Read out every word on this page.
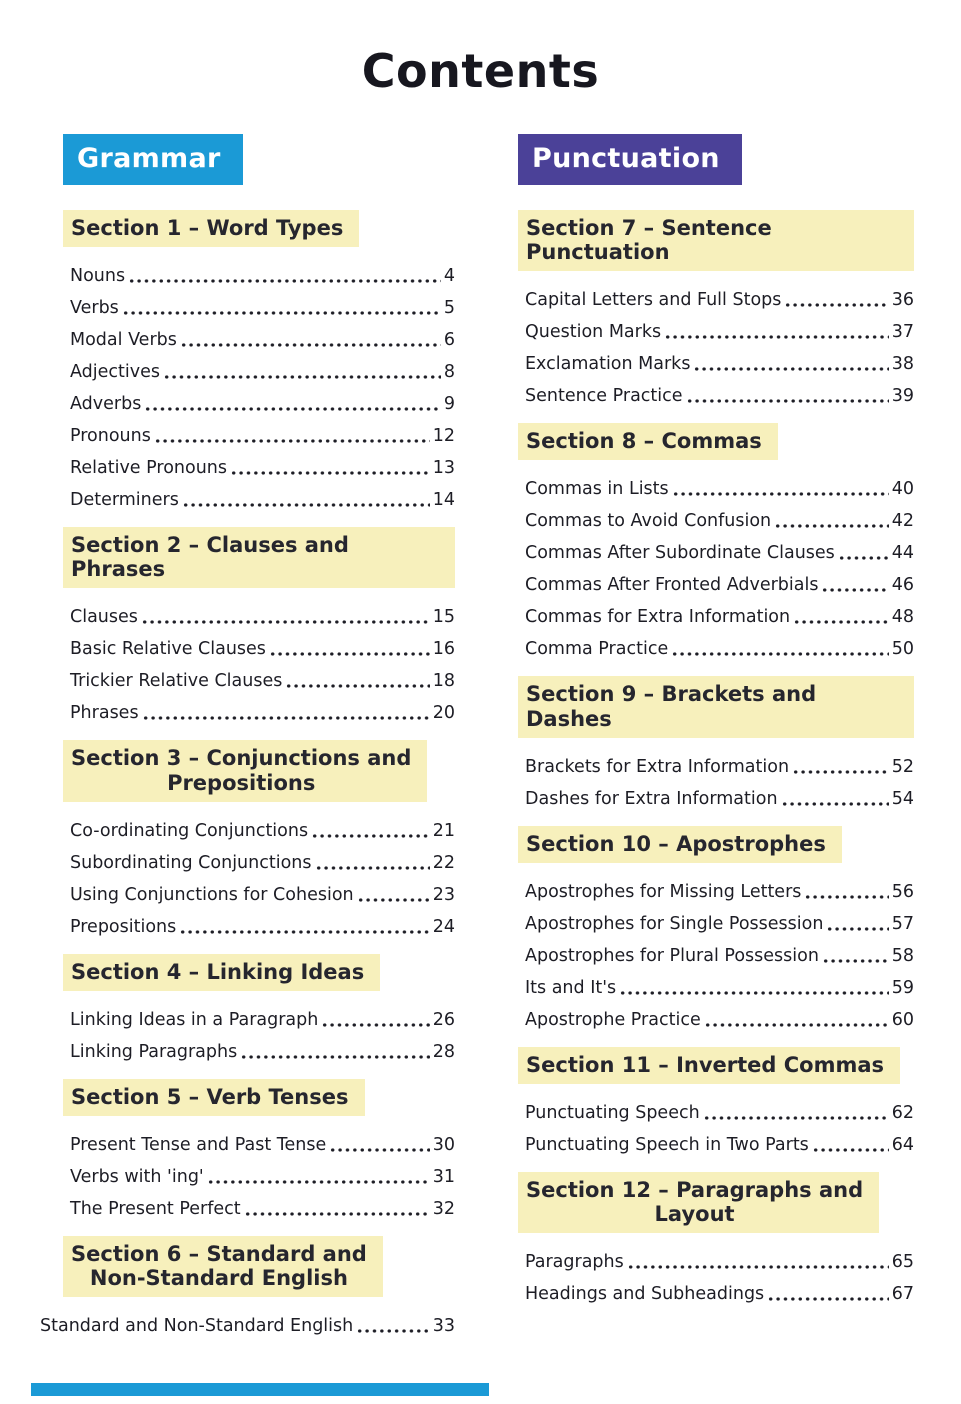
Contents
Grammar
Section 1 – Word Types
Nouns	4
Verbs	5
Modal Verbs	6
Adjectives	8
Adverbs	9
Pronouns	12
Relative Pronouns	13
Determiners	14
Section 2 – Clauses and Phrases
Clauses	15
Basic Relative Clauses	16
Trickier Relative Clauses	18
Phrases	20
Section 3 – Conjunctions and
Prepositions
Co-ordinating Conjunctions	21
Subordinating Conjunctions	22
Using Conjunctions for Cohesion	23
Prepositions	24
Section 4 – Linking Ideas
Linking Ideas in a Paragraph	26
Linking Paragraphs	28
Section 5 – Verb Tenses
Present Tense and Past Tense	30
Verbs with 'ing'	31
The Present Perfect	32
Section 6 – Standard and
Non-Standard English
Standard and Non-Standard English	33
Punctuation
Section 7 – Sentence Punctuation
Capital Letters and Full Stops	36
Question Marks	37
Exclamation Marks	38
Sentence Practice	39
Section 8 – Commas
Commas in Lists	40
Commas to Avoid Confusion	42
Commas After Subordinate Clauses	44
Commas After Fronted Adverbials	46
Commas for Extra Information	48
Comma Practice	50
Section 9 – Brackets and Dashes
Brackets for Extra Information	52
Dashes for Extra Information	54
Section 10 – Apostrophes
Apostrophes for Missing Letters	56
Apostrophes for Single Possession	57
Apostrophes for Plural Possession	58
Its and It's	59
Apostrophe Practice	60
Section 11 – Inverted Commas
Punctuating Speech	62
Punctuating Speech in Two Parts	64
Section 12 – Paragraphs and
Layout
Paragraphs	65
Headings and Subheadings	67
